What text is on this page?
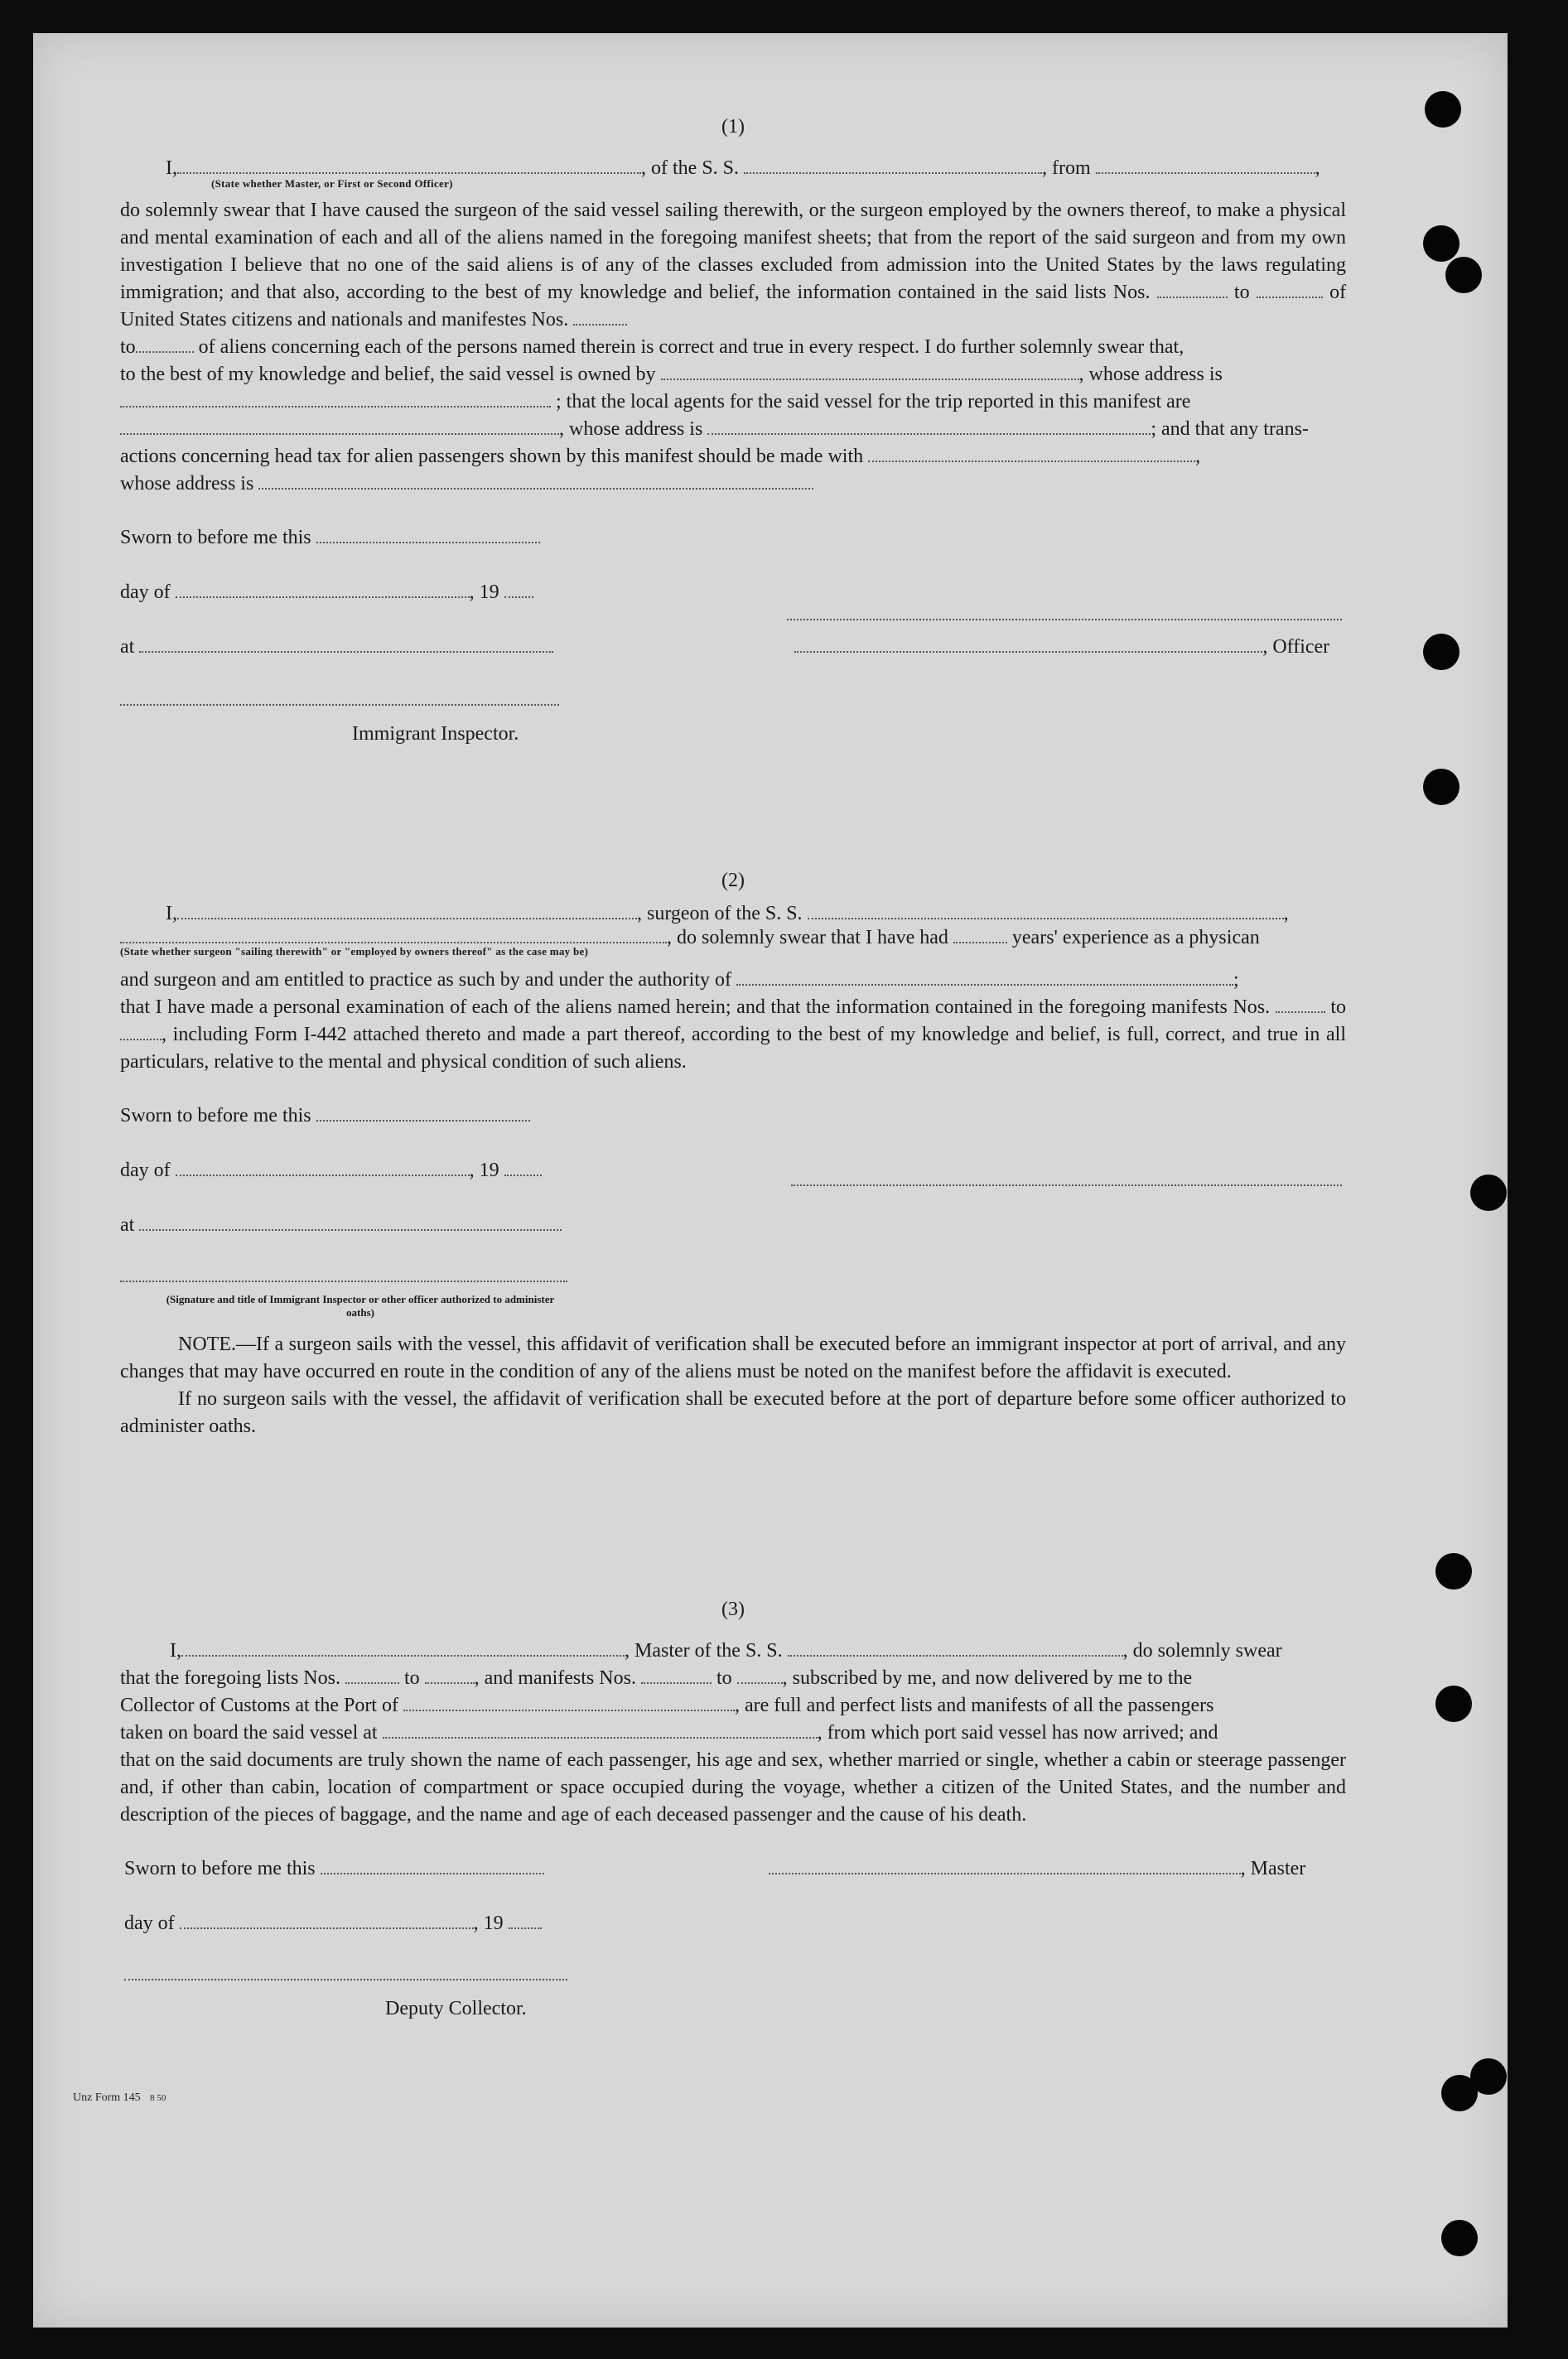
(1)
I,	, of the S. S.	, from	,
(State whether Master, or First or Second Officer)
do solemnly swear that I have caused the surgeon of the said vessel sailing therewith, or the surgeon employed by the owners thereof, to make a physical and mental examination of each and all of the aliens named in the foregoing manifest sheets; that from the report of the said surgeon and from my own investigation I believe that no one of the said aliens is of any of the classes excluded from admission into the United States by the laws regulating immigration; and that also, according to the best of my knowledge and belief, the information contained in the said lists Nos.	to	of United States citizens and nationals and manifestes Nos.
to	of aliens concerning each of the persons named therein is correct and true in every respect. I do further solemnly swear that,
to the best of my knowledge and belief, the said vessel is owned by	, whose address is
; that the local agents for the said vessel for the trip reported in this manifest are
, whose address is	; and that any trans-
actions concerning head tax for alien passengers shown by this manifest should be made with	,
whose address is
Sworn to before me this
day of	, 19
at	, Officer
Immigrant Inspector.
(2)
I,	, surgeon of the S. S.	,
, do solemnly swear that I have had	years' experience as a physican
(State whether surgeon "sailing therewith" or "employed by owners thereof" as the case may be)
and surgeon and am entitled to practice as such by and under the authority of	;
that I have made a personal examination of each of the aliens named herein; and that the information contained in the foregoing manifests Nos.	to , including Form I-442 attached thereto and made a part thereof, according to the best of my knowledge and belief, is full, correct, and true in all particulars, relative to the mental and physical condition of such aliens.
Sworn to before me this
day of	, 19
at
(Signature and title of Immigrant Inspector or other officer authorized to administer oaths)
NOTE.—If a surgeon sails with the vessel, this affidavit of verification shall be executed before an immigrant inspector at port of arrival, and any changes that may have occurred en route in the condition of any of the aliens must be noted on the manifest before the affidavit is executed.
If no surgeon sails with the vessel, the affidavit of verification shall be executed before at the port of departure before some officer authorized to administer oaths.
(3)
I,	, Master of the S. S.	, do solemnly swear
that the foregoing lists Nos.	to	, and manifests Nos.	to	, subscribed by me, and now delivered by me to the
Collector of Customs at the Port of	, are full and perfect lists and manifests of all the passengers
taken on board the said vessel at	, from which port said vessel has now arrived; and
that on the said documents are truly shown the name of each passenger, his age and sex, whether married or single, whether a cabin or steerage passenger and, if other than cabin, location of compartment or space occupied during the voyage, whether a citizen of the United States, and the number and description of the pieces of baggage, and the name and age of each deceased passenger and the cause of his death.
Sworn to before me this	, Master
day of	, 19
Deputy Collector.
Unz Form 145 8 50
